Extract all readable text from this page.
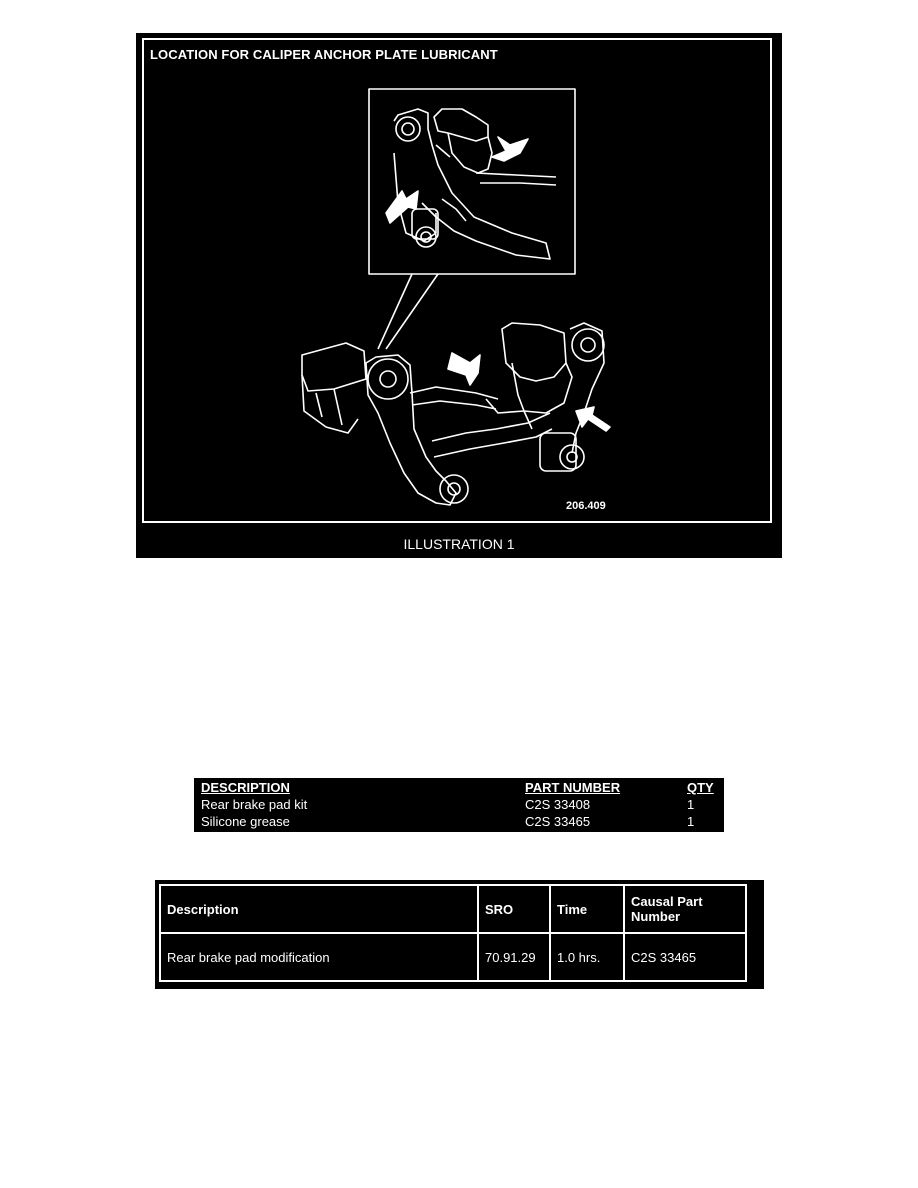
LOCATION FOR CALIPER ANCHOR PLATE LUBRICANT
206.409
ILLUSTRATION 1
DESCRIPTION	PART NUMBER	QTY
Rear brake pad kit	C2S 33408	1
Silicone grease	C2S 33465	1
Description	SRO	Time	Causal Part Number
Rear brake pad modification	70.91.29	1.0 hrs.	C2S 33465
